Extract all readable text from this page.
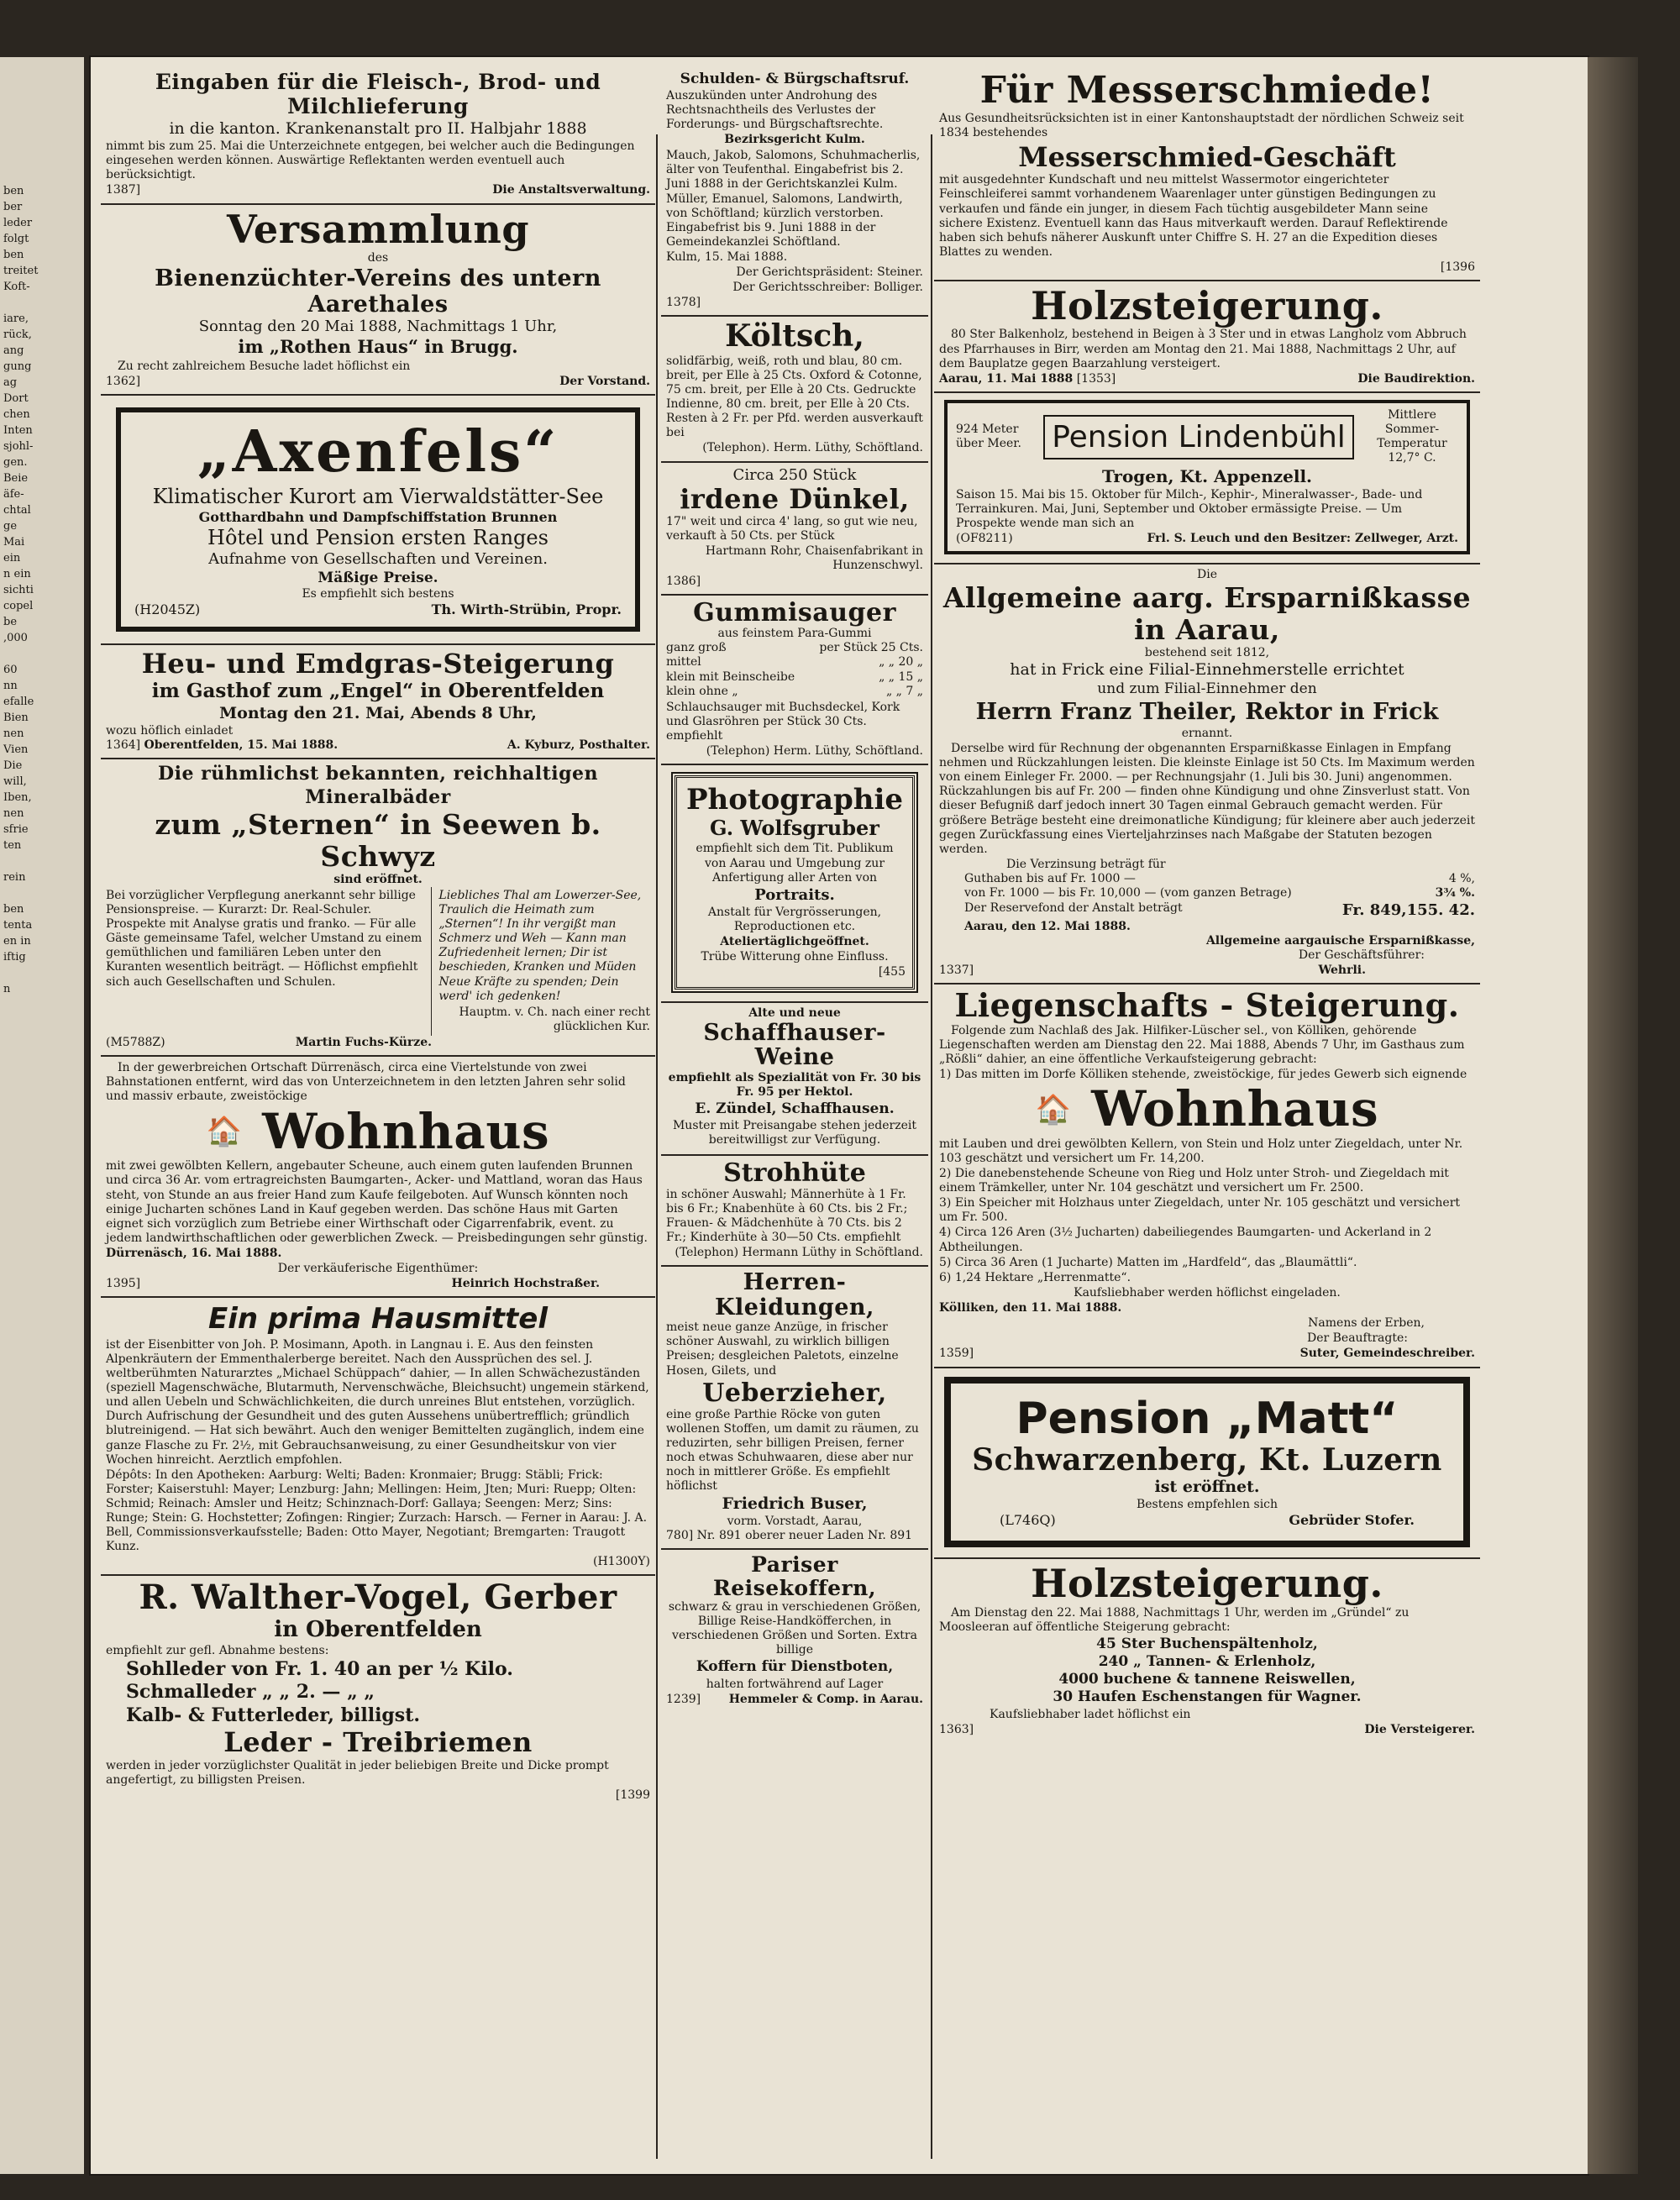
ben
ber
leder
folgt
ben
treitet
Koft-
iare,
rück,
ang
gung
ag
Dort
chen
Inten
sjohl-
gen.
Beie
äfe-
chtal
ge
Mai
ein
n ein
sichti
copel
be
,000
60
nn
efalle
Bien
nen
Vien
Die
will,
Iben,
nen
sfrie
ten
rein
ben
tenta
en in
iftig
n
Eingaben für die Fleisch-, Brod- und Milchlieferung
in die kanton. Krankenanstalt pro II. Halbjahr 1888

nimmt bis zum 25. Mai die Unterzeichnete entgegen, bei welcher auch die Bedingungen eingesehen werden können. Auswärtige Reflektanten werden eventuell auch berücksichtigt.

1387]	Die Anstaltsverwaltung.
Versammlung
des
Bienenzüchter-Vereins des untern Aarethales
Sonntag den 20 Mai 1888, Nachmittags 1 Uhr,
im „Rothen Haus“ in Brugg.

Zu recht zahlreichem Besuche ladet höflichst ein

1362]	Der Vorstand.
„Axenfels“
Klimatischer Kurort am Vierwaldstätter-See
Gotthardbahn und Dampfschiffstation Brunnen
Hôtel und Pension ersten Ranges
Aufnahme von Gesellschaften und Vereinen.
Mäßige Preise.
Es empfiehlt sich bestens
(H2045Z)	Th. Wirth-Strübin, Propr.
Heu- und Emdgras-Steigerung
im Gasthof zum „Engel“ in Oberentfelden
Montag den 21. Mai, Abends 8 Uhr,
wozu höflich einladet
1364] Oberentfelden, 15. Mai 1888.	A. Kyburz, Posthalter.
Die rühmlichst bekannten, reichhaltigen Mineralbäder
zum „Sternen“ in Seewen b. Schwyz
sind eröffnet.

Bei vorzüglicher Verpflegung anerkannt sehr billige Pensionspreise. — Kurarzt: Dr. Real-Schuler. Prospekte mit Analyse gratis und franko. — Für alle Gäste gemeinsame Tafel, welcher Umstand zu einem gemüthlichen und familiären Leben unter den Kuranten wesentlich beiträgt. — Höflichst empfiehlt sich auch Gesellschaften und Schulen.

Liebliches Thal am Lowerzer-See, Traulich die Heimath zum „Sternen“! In ihr vergißt man Schmerz und Weh — Kann man Zufriedenheit lernen; Dir ist beschieden, Kranken und Müden Neue Kräfte zu spenden; Dein werd' ich gedenken!

Hauptm. v. Ch. nach einer recht glücklichen Kur.

(M5788Z)	Martin Fuchs-Kürze.

In der gewerbreichen Ortschaft Dürrenäsch, circa eine Viertelstunde von zwei Bahnstationen entfernt, wird das von Unterzeichnetem in den letzten Jahren sehr solid und massiv erbaute, zweistöckige

🏠 Wohnhaus

mit zwei gewölbten Kellern, angebauter Scheune, auch einem guten laufenden Brunnen und circa 36 Ar. vom ertragreichsten Baumgarten-, Acker- und Mattland, woran das Haus steht, von Stunde an aus freier Hand zum Kaufe feilgeboten. Auf Wunsch könnten noch einige Jucharten schönes Land in Kauf gegeben werden. Das schöne Haus mit Garten eignet sich vorzüglich zum Betriebe einer Wirthschaft oder Cigarrenfabrik, event. zu jedem landwirthschaftlichen oder gewerblichen Zweck. — Preisbedingungen sehr günstig.

Dürrenäsch, 16. Mai 1888.

Der verkäuferische Eigenthümer:

1395]	Heinrich Hochstraßer.
Ein prima Hausmittel

ist der Eisenbitter von Joh. P. Mosimann, Apoth. in Langnau i. E. Aus den feinsten Alpenkräutern der Emmenthalerberge bereitet. Nach den Aussprüchen des sel. J. weltberühmten Naturarztes „Michael Schüppach“ dahier, — In allen Schwächezuständen (speziell Magenschwäche, Blutarmuth, Nervenschwäche, Bleichsucht) ungemein stärkend, und allen Uebeln und Schwächlichkeiten, die durch unreines Blut entstehen, vorzüglich. Durch Aufrischung der Gesundheit und des guten Aussehens unübertrefflich; gründlich blutreinigend. — Hat sich bewährt. Auch den weniger Bemittelten zugänglich, indem eine ganze Flasche zu Fr. 2½, mit Gebrauchsanweisung, zu einer Gesundheitskur von vier Wochen hinreicht. Aerztlich empfohlen.

Dépôts: In den Apotheken: Aarburg: Welti; Baden: Kronmaier; Brugg: Stäbli; Frick: Forster; Kaiserstuhl: Mayer; Lenzburg: Jahn; Mellingen: Heim, Jten; Muri: Ruepp; Olten: Schmid; Reinach: Amsler und Heitz; Schinznach-Dorf: Gallaya; Seengen: Merz; Sins: Runge; Stein: G. Hochstetter; Zofingen: Ringier; Zurzach: Harsch. — Ferner in Aarau: J. A. Bell, Commissionsverkaufsstelle; Baden: Otto Mayer, Negotiant; Bremgarten: Traugott Kunz.

(H1300Y)
R. Walther-Vogel, Gerber
in Oberentfelden
empfiehlt zur gefl. Abnahme bestens:
Sohlleder von Fr. 1. 40 an per ½ Kilo.
Schmalleder „ „ 2. — „ „
Kalb- & Futterleder, billigst.
Leder - Treibriemen

werden in jeder vorzüglichster Qualität in jeder beliebigen Breite und Dicke prompt angefertigt, zu billigsten Preisen.

[1399
Schulden- & Bürgschaftsruf.

Auszukünden unter Androhung des Rechtsnachtheils des Verlustes der Forderungs- und Bürgschaftsrechte.

Bezirksgericht Kulm.

Mauch, Jakob, Salomons, Schuhmacherlis, älter von Teufenthal. Eingabefrist bis 2. Juni 1888 in der Gerichtskanzlei Kulm.

Müller, Emanuel, Salomons, Landwirth, von Schöftland; kürzlich verstorben. Eingabefrist bis 9. Juni 1888 in der Gemeindekanzlei Schöftland.

Kulm, 15. Mai 1888.

Der Gerichtspräsident: Steiner.

Der Gerichtsschreiber: Bolliger.

1378]
Költsch,

solidfärbig, weiß, roth und blau, 80 cm. breit, per Elle à 25 Cts. Oxford & Cotonne, 75 cm. breit, per Elle à 20 Cts. Gedruckte Indienne, 80 cm. breit, per Elle à 20 Cts. Resten à 2 Fr. per Pfd. werden ausverkauft bei

(Telephon). Herm. Lüthy, Schöftland.
Circa 250 Stück
irdene Dünkel,

17" weit und circa 4' lang, so gut wie neu, verkauft à 50 Cts. per Stück

Hartmann Rohr, Chaisenfabrikant in Hunzenschwyl.

1386]
Gummisauger
aus feinstem Para-Gummi
ganz groß	per Stück 25 Cts.
mittel	„ „ 20 „
klein mit Beinscheibe	„ „ 15 „
klein ohne „	„ „ 7 „

Schlauchsauger mit Buchsdeckel, Kork und Glasröhren per Stück 30 Cts. empfiehlt

(Telephon) Herm. Lüthy, Schöftland.
Photographie
G. Wolfsgruber

empfiehlt sich dem Tit. Publikum von Aarau und Umgebung zur Anfertigung aller Arten von

Portraits.

Anstalt für Vergrösserungen, Reproductionen etc.

Ateliertäglichgeöffnet.

Trübe Witterung ohne Einfluss.

[455
Alte und neue
Schaffhauser-Weine

empfiehlt als Spezialität von Fr. 30 bis Fr. 95 per Hektol.

E. Zündel, Schaffhausen.

Muster mit Preisangabe stehen jederzeit bereitwilligst zur Verfügung.

Strohhüte

in schöner Auswahl; Männerhüte à 1 Fr. bis 6 Fr.; Knabenhüte à 60 Cts. bis 2 Fr.; Frauen- & Mädchenhüte à 70 Cts. bis 2 Fr.; Kinderhüte à 30—50 Cts. empfiehlt

(Telephon) Hermann Lüthy in Schöftland.
Herren-Kleidungen,

meist neue ganze Anzüge, in frischer schöner Auswahl, zu wirklich billigen Preisen; desgleichen Paletots, einzelne Hosen, Gilets, und

Ueberzieher,

eine große Parthie Röcke von guten wollenen Stoffen, um damit zu räumen, zu reduzirten, sehr billigen Preisen, ferner noch etwas Schuhwaaren, diese aber nur noch in mittlerer Größe. Es empfiehlt höflichst

Friedrich Buser,
vorm. Vorstadt, Aarau,
780] Nr. 891 oberer neuer Laden Nr. 891
Pariser Reisekoffern,

schwarz & grau in verschiedenen Größen, Billige Reise-Handköfferchen, in verschiedenen Größen und Sorten. Extra billige

Koffern für Dienstboten,

halten fortwährend auf Lager

1239] Hemmeler & Comp. in Aarau.
Für Messerschmiede!

Aus Gesundheitsrücksichten ist in einer Kantonshauptstadt der nördlichen Schweiz seit 1834 bestehendes

Messerschmied-Geschäft

mit ausgedehnter Kundschaft und neu mittelst Wassermotor eingerichteter Feinschleiferei sammt vorhandenem Waarenlager unter günstigen Bedingungen zu verkaufen und fände ein junger, in diesem Fach tüchtig ausgebildeter Mann seine sichere Existenz. Eventuell kann das Haus mitverkauft werden. Darauf Reflektirende haben sich behufs näherer Auskunft unter Chiffre S. H. 27 an die Expedition dieses Blattes zu wenden.

[1396
Holzsteigerung.

80 Ster Balkenholz, bestehend in Beigen à 3 Ster und in etwas Langholz vom Abbruch des Pfarrhauses in Birr, werden am Montag den 21. Mai 1888, Nachmittags 2 Uhr, auf dem Bauplatze gegen Baarzahlung versteigert.

Aarau, 11. Mai 1888 [1353]	Die Baudirektion.
924 Meter über Meer.	Pension Lindenbühl
Mittlere Sommer-Temperatur 12,7° C.
Trogen, Kt. Appenzell.

Saison 15. Mai bis 15. Oktober für Milch-, Kephir-, Mineralwasser-, Bade- und Terrainkuren. Mai, Juni, September und Oktober ermässigte Preise. — Um Prospekte wende man sich an

(OF8211)	Frl. S. Leuch und den Besitzer: Zellweger, Arzt.
Die
Allgemeine aarg. Ersparnißkasse in Aarau,
bestehend seit 1812,
hat in Frick eine Filial-Einnehmerstelle errichtet
und zum Filial-Einnehmer den
Herrn Franz Theiler, Rektor in Frick
ernannt.

Derselbe wird für Rechnung der obgenannten Ersparnißkasse Einlagen in Empfang nehmen und Rückzahlungen leisten. Die kleinste Einlage ist 50 Cts. Im Maximum werden von einem Einleger Fr. 2000. — per Rechnungsjahr (1. Juli bis 30. Juni) angenommen. Rückzahlungen bis auf Fr. 200 — finden ohne Kündigung und ohne Zinsverlust statt. Von dieser Befugniß darf jedoch innert 30 Tagen einmal Gebrauch gemacht werden. Für größere Beträge besteht eine dreimonatliche Kündigung; für kleinere aber auch jederzeit gegen Zurückfassung eines Vierteljahrzinses nach Maßgabe der Statuten bezogen werden.

Die Verzinsung beträgt für
Guthaben bis auf Fr. 1000 —	4 %,
von Fr. 1000 — bis Fr. 10,000 — (vom ganzen Betrage)	3¾ %.
Der Reservefond der Anstalt beträgt	Fr. 849,155. 42.
Aarau, den 12. Mai 1888.
Allgemeine aargauische Ersparnißkasse,
Der Geschäftsführer:
1337]	Wehrli.
Liegenschafts - Steigerung.

Folgende zum Nachlaß des Jak. Hilfiker-Lüscher sel., von Kölliken, gehörende Liegenschaften werden am Dienstag den 22. Mai 1888, Abends 7 Uhr, im Gasthaus zum „Rößli“ dahier, an eine öffentliche Verkaufsteigerung gebracht:

1) Das mitten im Dorfe Kölliken stehende, zweistöckige, für jedes Gewerb sich eignende

🏠 Wohnhaus

mit Lauben und drei gewölbten Kellern, von Stein und Holz unter Ziegeldach, unter Nr. 103 geschätzt und versichert um Fr. 14,200.

2) Die danebenstehende Scheune von Rieg und Holz unter Stroh- und Ziegeldach mit einem Trämkeller, unter Nr. 104 geschätzt und versichert um Fr. 2500.

3) Ein Speicher mit Holzhaus unter Ziegeldach, unter Nr. 105 geschätzt und versichert um Fr. 500.

4) Circa 126 Aren (3½ Jucharten) dabeiliegendes Baumgarten- und Ackerland in 2 Abtheilungen.

5) Circa 36 Aren (1 Jucharte) Matten im „Hardfeld“, das „Blaumättli“.

6) 1,24 Hektare „Herrenmatte“.

Kaufsliebhaber werden höflichst eingeladen.

Kölliken, den 11. Mai 1888.

Namens der Erben,

Der Beauftragte:

1359]	Suter, Gemeindeschreiber.
Pension „Matt“
Schwarzenberg, Kt. Luzern
ist eröffnet.
Bestens empfehlen sich
(L746Q)	Gebrüder Stofer.
Holzsteigerung.

Am Dienstag den 22. Mai 1888, Nachmittags 1 Uhr, werden im „Gründel“ zu Moosleeran auf öffentliche Steigerung gebracht:

45 Ster Buchenspältenholz,
240 „ Tannen- & Erlenholz,
4000 buchene & tannene Reiswellen,
30 Haufen Eschenstangen für Wagner.

Kaufsliebhaber ladet höflichst ein

1363]	Die Versteigerer.
